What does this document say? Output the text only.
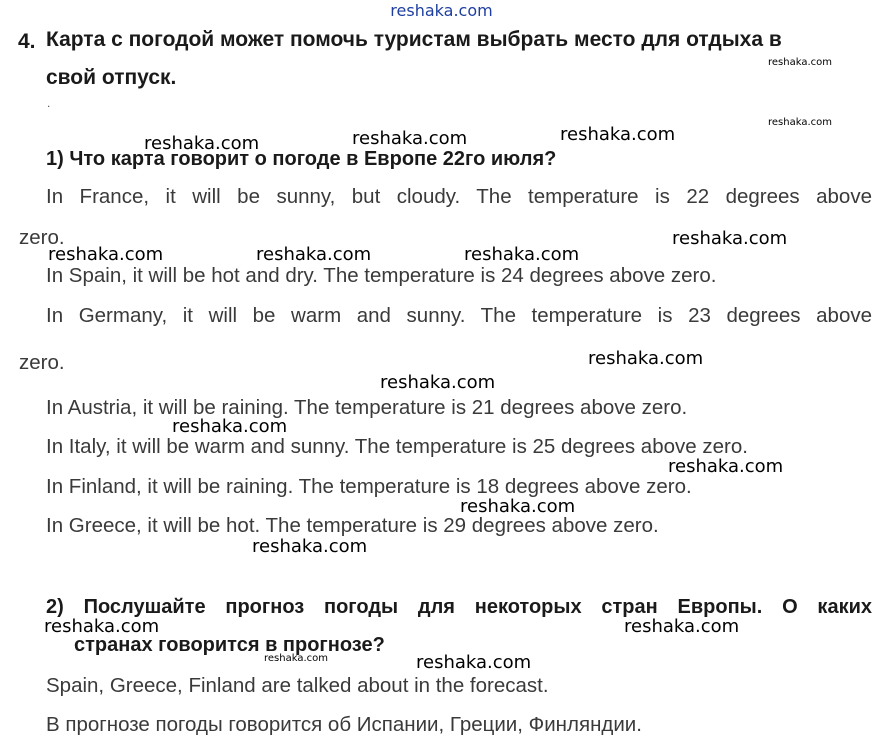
reshaka.com
4. Карта с погодой может помочь туристам выбрать место для отдыха в
свой отпуск.
.
1) Что карта говорит о погоде в Европе 22го июля?
In France, it will be sunny, but cloudy. The temperature is 22 degrees above
zero.
In Spain, it will be hot and dry. The temperature is 24 degrees above zero.
In Germany, it will be warm and sunny. The temperature is 23 degrees above
zero.
In Austria, it will be raining. The temperature is 21 degrees above zero.
In Italy, it will be warm and sunny. The temperature is 25 degrees above zero.
In Finland, it will be raining. The temperature is 18 degrees above zero.
In Greece, it will be hot. The temperature is 29 degrees above zero.
2) Послушайте прогноз погоды для некоторых стран Европы. О каких
странах говорится в прогнозе?
Spain, Greece, Finland are talked about in the forecast.
В прогнозе погоды говорится об Испании, Греции, Финляндии.
reshaka.com
reshaka.com
reshaka.com	reshaka.com	reshaka.com
reshaka.com
reshaka.com	reshaka.com	reshaka.com
reshaka.com
reshaka.com
reshaka.com
reshaka.com
reshaka.com
reshaka.com
reshaka.com	reshaka.com
reshaka.com	reshaka.com
